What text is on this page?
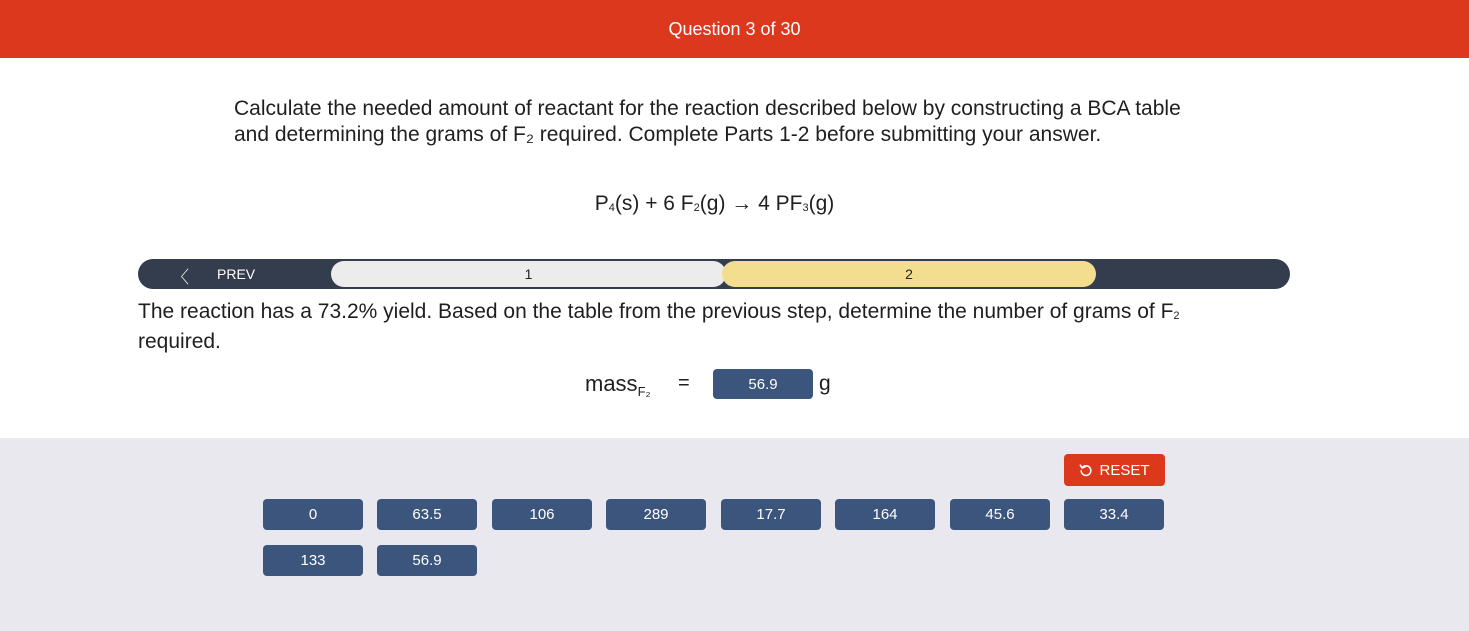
Question 3 of 30
Calculate the needed amount of reactant for the reaction described below by constructing a BCA table and determining the grams of F₂ required. Complete Parts 1-2 before submitting your answer.
$P_4(s) + 6$ $F_2(g) \to 4$ $PF_3(g)$
〈 PREV	1	2
The reaction has a 73.2% yield. Based on the table from the previous step, determine the number of grams of $F_2$
required.
mass$_{F_2}$ =	56.9	g
RESET
0	63.5	106	289	17.7	164	45.6	33.4
133	56.9
